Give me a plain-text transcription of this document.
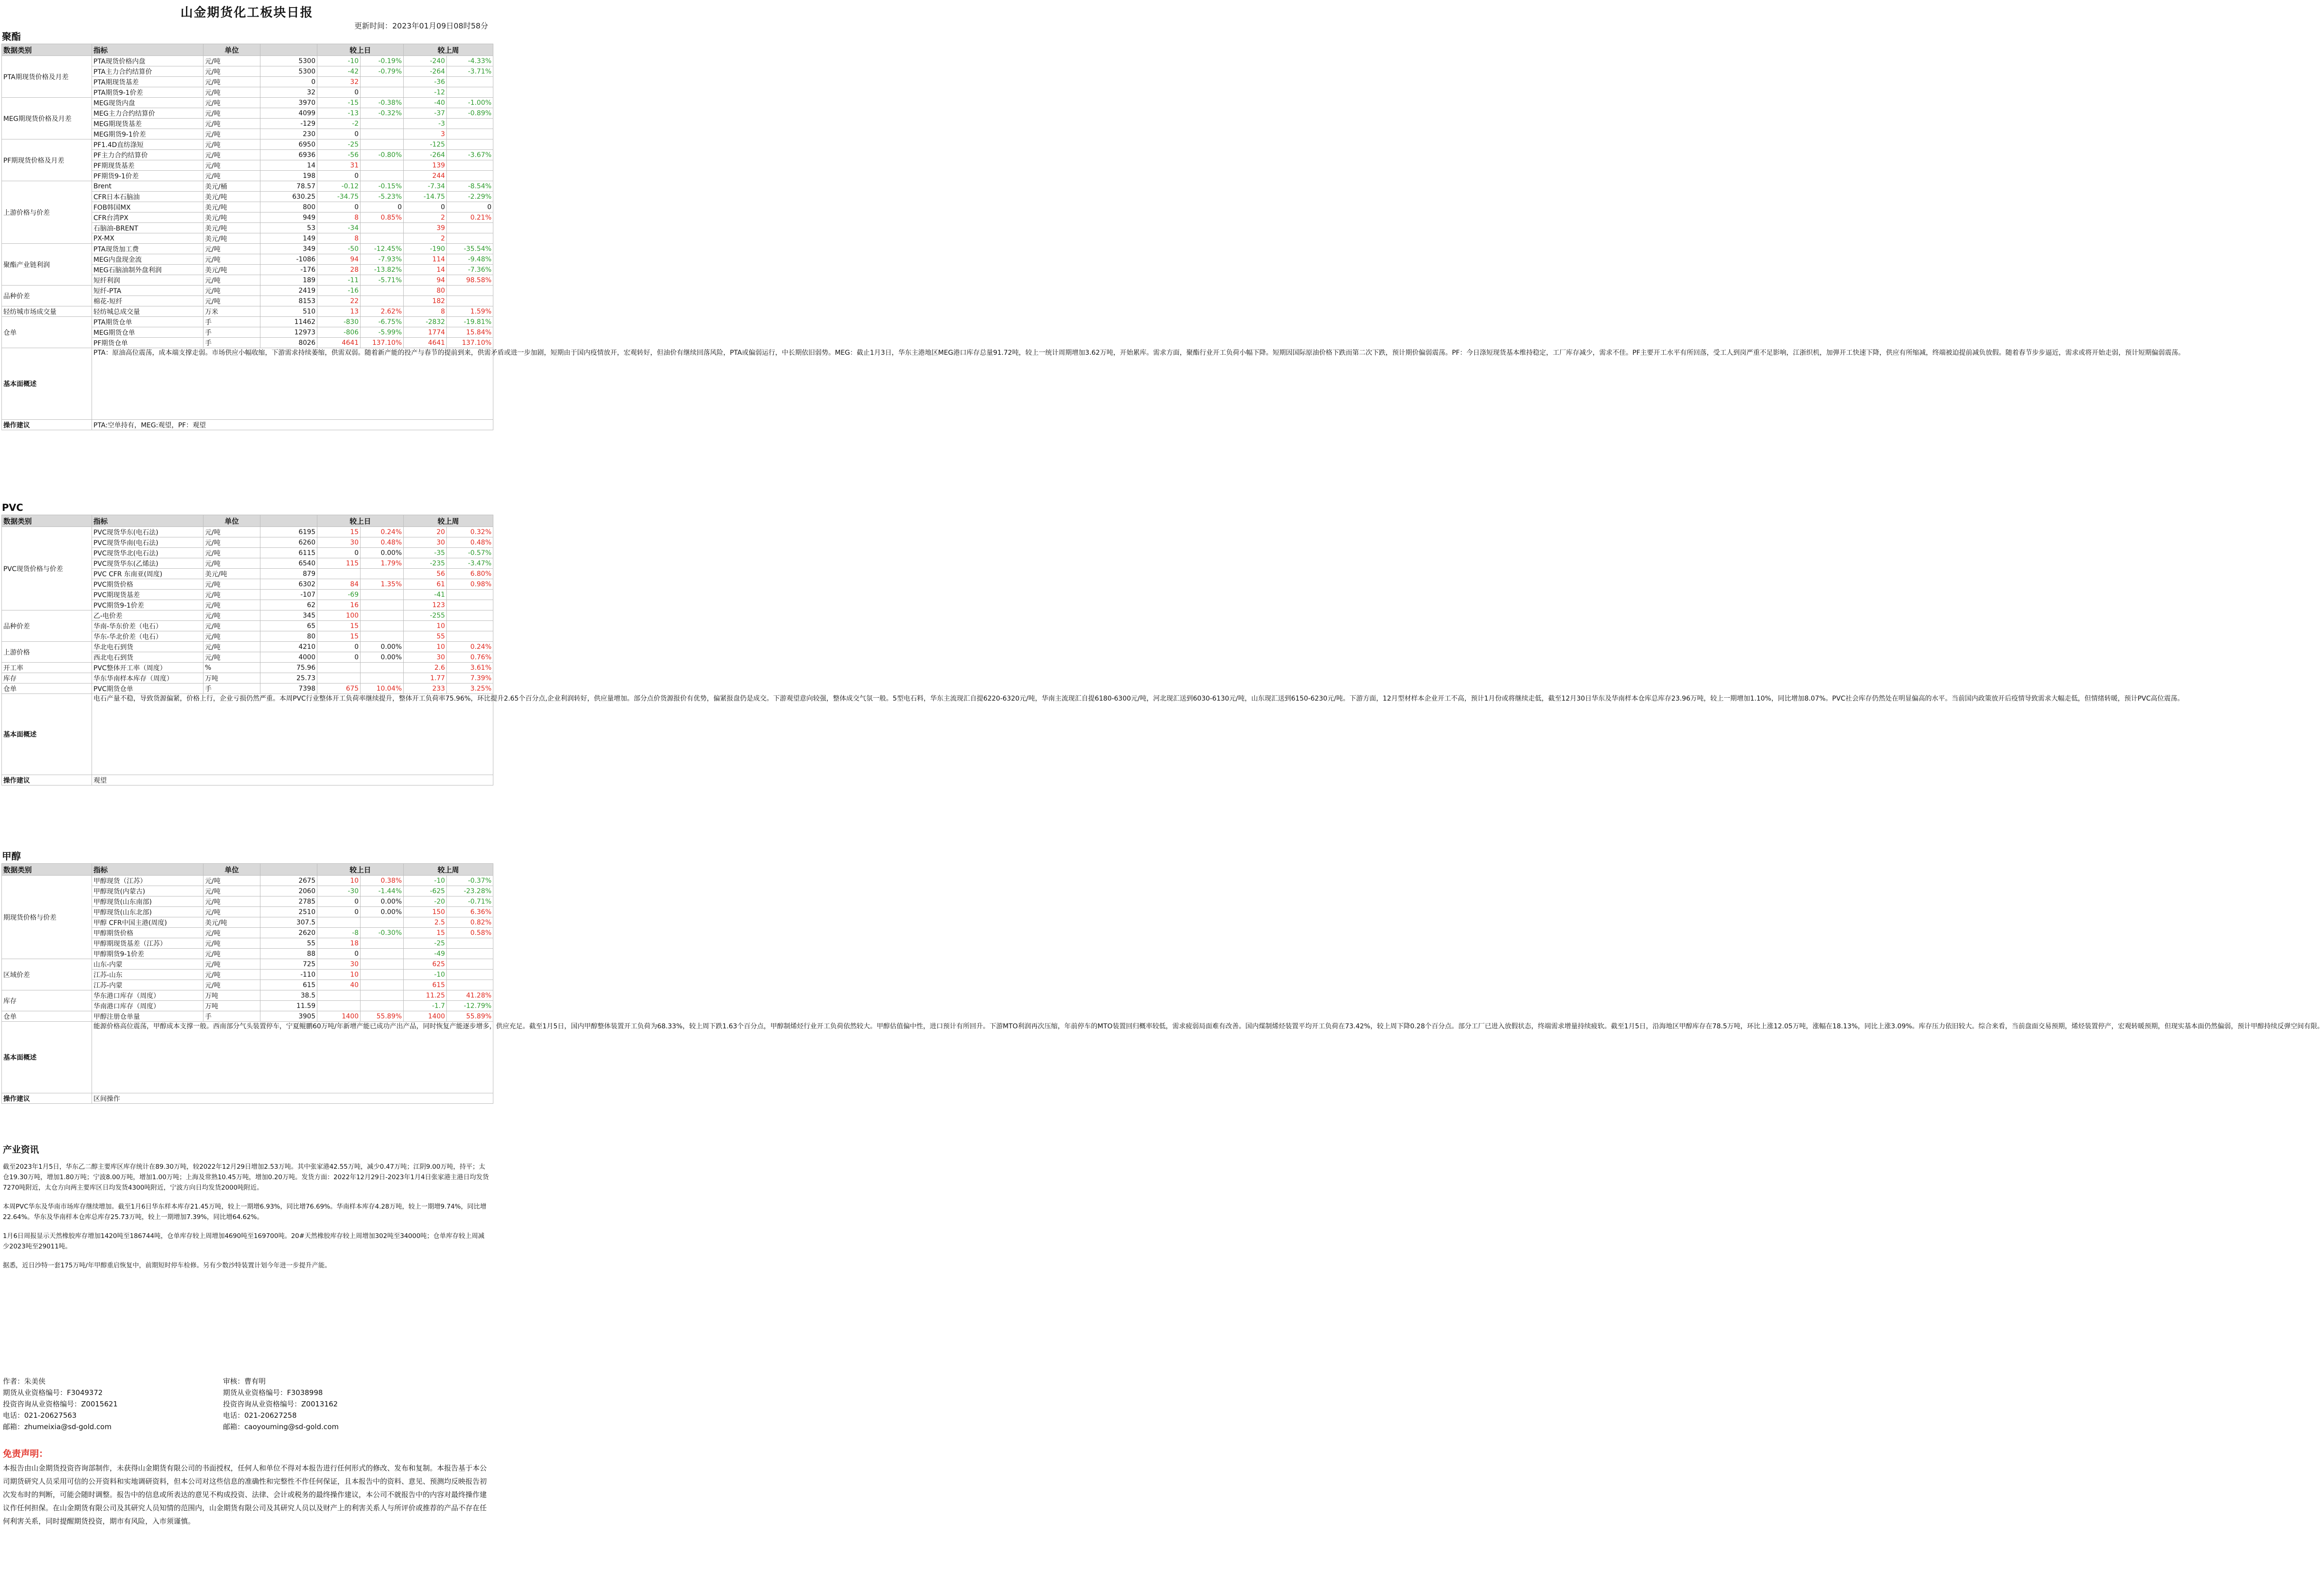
山金期货化工板块日报
更新时间：2023年01月09日08时58分
聚酯
数据类别	指标	单位		较上日		较上周	
PTA期现货价格及月差	PTA现货价格内盘	元/吨	5300	-10	-0.19%	-240	-4.33%
	PTA主力合约结算价	元/吨	5300	-42	-0.79%	-264	-3.71%
	PTA期现货基差	元/吨	0	32		-36	
	PTA期货9-1价差	元/吨	32	0		-12	
MEG期现货价格及月差	MEG现货内盘	元/吨	3970	-15	-0.38%	-40	-1.00%
	MEG主力合约结算价	元/吨	4099	-13	-0.32%	-37	-0.89%
	MEG期现货基差	元/吨	-129	-2		-3	
	MEG期货9-1价差	元/吨	230	0		3	
PF期现货价格及月差	PF1.4D直纺涤短	元/吨	6950	-25		-125	
	PF主力合约结算价	元/吨	6936	-56	-0.80%	-264	-3.67%
	PF期现货基差	元/吨	14	31		139	
	PF期货9-1价差	元/吨	198	0		244	
上游价格与价差	Brent	美元/桶	78.57	-0.12	-0.15%	-7.34	-8.54%
	CFR日本石脑油	美元/吨	630.25	-34.75	-5.23%	-14.75	-2.29%
	FOB韩国MX	美元/吨	800	0	0	0	0
	CFR台湾PX	美元/吨	949	8	0.85%	2	0.21%
	石脑油-BRENT	美元/吨	53	-34		39	
	PX-MX	美元/吨	149	8		2	
聚酯产业链利润	PTA现货加工费	元/吨	349	-50	-12.45%	-190	-35.54%
	MEG内盘现金流	元/吨	-1086	94	-7.93%	114	-9.48%
	MEG石脑油制外盘利润	美元/吨	-176	28	-13.82%	14	-7.36%
	短纤利润	元/吨	189	-11	-5.71%	94	98.58%
品种价差	短纤-PTA	元/吨	2419	-16		80	
	棉花-短纤	元/吨	8153	22		182	
轻纺城市场成交量	轻纺城总成交量	万米	510	13	2.62%	8	1.59%
仓单	PTA期货仓单	手	11462	-830	-6.75%	-2832	-19.81%
	MEG期货仓单	手	12973	-806	-5.99%	1774	15.84%
	PF期货仓单	手	8026	4641	137.10%	4641	137.10%
基本面概述	PTA：原油高位震荡，成本端支撑走弱。市场供应小幅收缩，下游需求持续萎缩，供需双弱。随着新产能的投产与春节的提前到来，供需矛盾或进一步加剧，短期由于国内疫情放开，宏观转好，但油价有继续回落风险，PTA或偏弱运行，中长期依旧弱势。MEG：截止1月3日，华东主港地区MEG港口库存总量91.72吨，较上一统计周期增加3.62万吨，开始累库。需求方面，聚酯行业开工负荷小幅下降。短期因国际原油价格下跌而第二次下跌，预计期价偏弱震荡。PF：今日涤短现货基本维持稳定，工厂库存减少，需求不佳。PF主要开工水平有所回落，受工人到岗严重不足影响，江浙织机，加弹开工快速下降，供应有所缩减，终端被迫提前减负放假。随着春节步步逼近，需求或将开始走弱，预计短期偏弱震荡。						
操作建议	PTA:空单持有，MEG:观望，PF：观望						
PVC
数据类别	指标	单位		较上日		较上周	
PVC现货价格与价差	PVC现货华东(电石法)	元/吨	6195	15	0.24%	20	0.32%
	PVC现货华南(电石法)	元/吨	6260	30	0.48%	30	0.48%
	PVC现货华北(电石法)	元/吨	6115	0	0.00%	-35	-0.57%
	PVC现货华东(乙烯法)	元/吨	6540	115	1.79%	-235	-3.47%
	PVC CFR 东南亚(周度)	美元/吨	879			56	6.80%
	PVC期货价格	元/吨	6302	84	1.35%	61	0.98%
	PVC期现货基差	元/吨	-107	-69		-41	
	PVC期货9-1价差	元/吨	62	16		123	
品种价差	乙-电价差	元/吨	345	100		-255	
	华南-华东价差（电石）	元/吨	65	15		10	
	华东-华北价差（电石）	元/吨	80	15		55	
上游价格	华北电石到货	元/吨	4210	0	0.00%	10	0.24%
	西北电石到货	元/吨	4000	0	0.00%	30	0.76%
开工率	PVC整体开工率（周度）	%	75.96			2.6	3.61%
库存	华东华南样本库存（周度）	万吨	25.73			1.77	7.39%
仓单	PVC期货仓单	手	7398	675	10.04%	233	3.25%
基本面概述	电石产量不稳，导致货源偏紧，价格上行，企业亏损仍然严重。本周PVC行业整体开工负荷率继续提升，整体开工负荷率75.96%，环比提升2.65个百分点,企业利润转好，供应量增加。部分点价货源报价有优势，偏紧报盘仍是成交。下游观望意向较强，整体成交气氛一般。5型电石料，华东主流现汇自提6220-6320元/吨，华南主流现汇自提6180-6300元/吨，河北现汇送到6030-6130元/吨，山东现汇送到6150-6230元/吨。下游方面，12月型材样本企业开工不高，预计1月份或将继续走低，截至12月30日华东及华南样本仓库总库存23.96万吨，较上一期增加1.10%，同比增加8.07%。PVC社会库存仍然处在明显偏高的水平。当前国内政策放开后疫情导致需求大幅走低，但情绪转暖，预计PVC高位震荡。						
操作建议	观望						
甲醇
数据类别	指标	单位		较上日		较上周	
期现货价格与价差	甲醇现货（江苏）	元/吨	2675	10	0.38%	-10	-0.37%
	甲醇现货(内蒙古)	元/吨	2060	-30	-1.44%	-625	-23.28%
	甲醇现货(山东南部)	元/吨	2785	0	0.00%	-20	-0.71%
	甲醇现货(山东北部)	元/吨	2510	0	0.00%	150	6.36%
	甲醇 CFR中国主港(周度)	美元/吨	307.5			2.5	0.82%
	甲醇期货价格	元/吨	2620	-8	-0.30%	15	0.58%
	甲醇期现货基差（江苏）	元/吨	55	18		-25	
	甲醇期货9-1价差	元/吨	88	0		-49	
区域价差	山东-内蒙	元/吨	725	30		625	
	江苏-山东	元/吨	-110	10		-10	
	江苏-内蒙	元/吨	615	40		615	
库存	华东港口库存（周度）	万吨	38.5			11.25	41.28%
	华南港口库存（周度）	万吨	11.59			-1.7	-12.79%
仓单	甲醇注册仓单量	手	3905	1400	55.89%	1400	55.89%
基本面概述	能源价格高位震荡，甲醇成本支撑一般。西南部分气头装置停车，宁夏鲲鹏60万吨/年新增产能已成功产出产品，同时恢复产能逐步增多，供应充足。截至1月5日，国内甲醇整体装置开工负荷为68.33%，较上周下跌1.63个百分点，甲醇制烯烃行业开工负荷依然较大。甲醇估值偏中性，进口预计有所回升。下游MTO利润再次压缩，年前停车的MTO装置回归概率较低，需求疲弱局面难有改善。国内煤制烯烃装置平均开工负荷在73.42%，较上周下降0.28个百分点。部分工厂已进入放假状态，终端需求增量持续疲软。截至1月5日，沿海地区甲醇库存在78.5万吨，环比上涨12.05万吨，涨幅在18.13%，同比上涨3.09%。库存压力依旧较大。综合来看，当前盘面交易预期，烯烃装置停产，宏观转暖预期，但现实基本面仍然偏弱，预计甲醇持续反弹空间有限。						
操作建议	区间操作						
产业资讯

截至2023年1月5日，华东乙二醇主要库区库存统计在89.30万吨，较2022年12月29日增加2.53万吨。其中张家港42.55万吨，减少0.47万吨；江阴9.00万吨，持平；太仓19.30万吨，增加1.80万吨；宁波8.00万吨，增加1.00万吨；上海及常熟10.45万吨，增加0.20万吨。发货方面：2022年12月29日-2023年1月4日张家港主港日均发货7270吨附近，太仓方向两主要库区日均发货4300吨附近，宁波方向日均发货2000吨附近。

本周PVC华东及华南市场库存继续增加。截至1月6日华东样本库存21.45万吨，较上一期增6.93%，同比增76.69%。华南样本库存4.28万吨，较上一期增9.74%，同比增22.64%。华东及华南样本仓库总库存25.73万吨，较上一期增加7.39%，同比增64.62%。

1月6日周报显示天然橡胶库存增加1420吨至186744吨，仓单库存较上周增加4690吨至169700吨。20#天然橡胶库存较上周增加302吨至34000吨；仓单库存较上周减少2023吨至29011吨。

据悉，近日沙特一套175万吨/年甲醇重启恢复中，前期短时停车检修。另有少数沙特装置计划今年进一步提升产能。

作者：朱美侠
期货从业资格编号：F3049372
投资咨询从业资格编号：Z0015621
电话：021-20627563
邮箱：zhumeixia@sd-gold.com
审核：曹有明
期货从业资格编号：F3038998
投资咨询从业资格编号：Z0013162
电话：021-20627258
邮箱：caoyouming@sd-gold.com
免责声明：
本报告由山金期货投资咨询部制作，未获得山金期货有限公司的书面授权，任何人和单位不得对本报告进行任何形式的修改、发布和复制。本报告基于本公司期货研究人员采用可信的公开资料和实地调研资料，但本公司对这些信息的准确性和完整性不作任何保证，且本报告中的资料、意见、预测均反映报告初次发布时的判断，可能会随时调整。报告中的信息或所表达的意见不构成投资、法律、会计或税务的最终操作建议，本公司不就报告中的内容对最终操作建议作任何担保。在山金期货有限公司及其研究人员知情的范围内，山金期货有限公司及其研究人员以及财产上的利害关系人与所评价或推荐的产品不存在任何利害关系，同时提醒期货投资，期市有风险，入市须谨慎。
